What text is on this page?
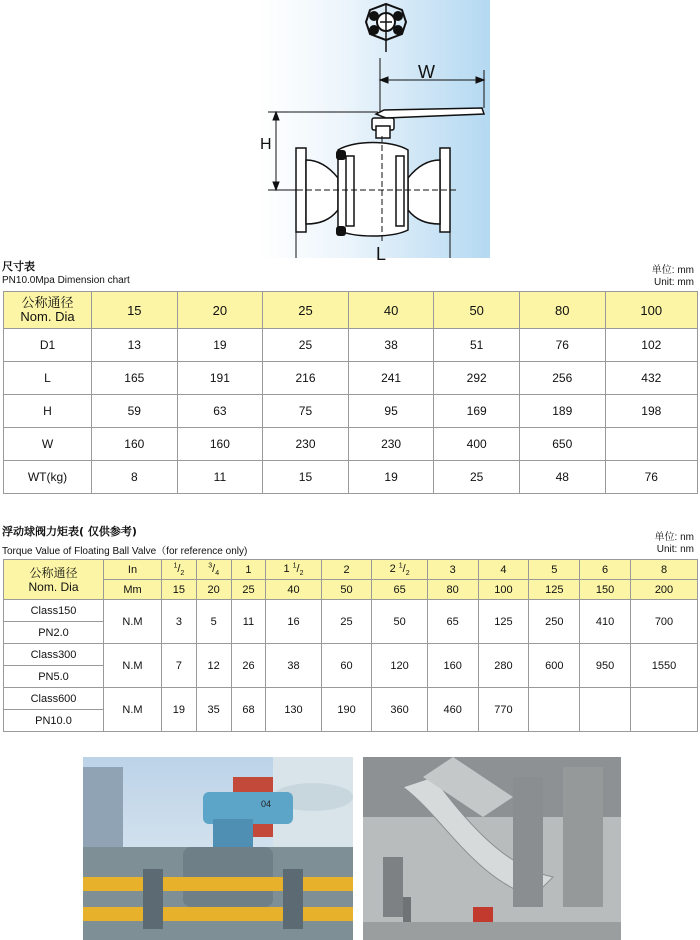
W
H
L
尺寸表
PN10.0Mpa Dimension chart
单位: mm
Unit: mm
公称通径
Nom. Dia	15	20	25	40	50	80	100
D1	13	19	25	38	51	76	102
L	165	191	216	241	292	256	432
H	59	63	75	95	169	189	198
W	160	160	230	230	400	650	
WT(kg)	8	11	15	19	25	48	76
浮动球阀力矩表( 仅供参考)
Torque Value of Floating Ball Valve（for reference only)
单位: nm
Unit: nm
公称通径
Nom. Dia	In	$^1/_2$	$^3/_4$	1	1 $^1/_2$	2	2 $^1/_2$	3	4	5	6	8
	Mm	15	20	25	40	50	65	80	100	125	150	200
Class150	N.M	3	5	11	16	25	50	65	125	250	410	700
PN2.0												
Class300	N.M	7	12	26	38	60	120	160	280	600	950	1550
PN5.0												
Class600	N.M	19	35	68	130	190	360	460	770			
PN10.0												
04
